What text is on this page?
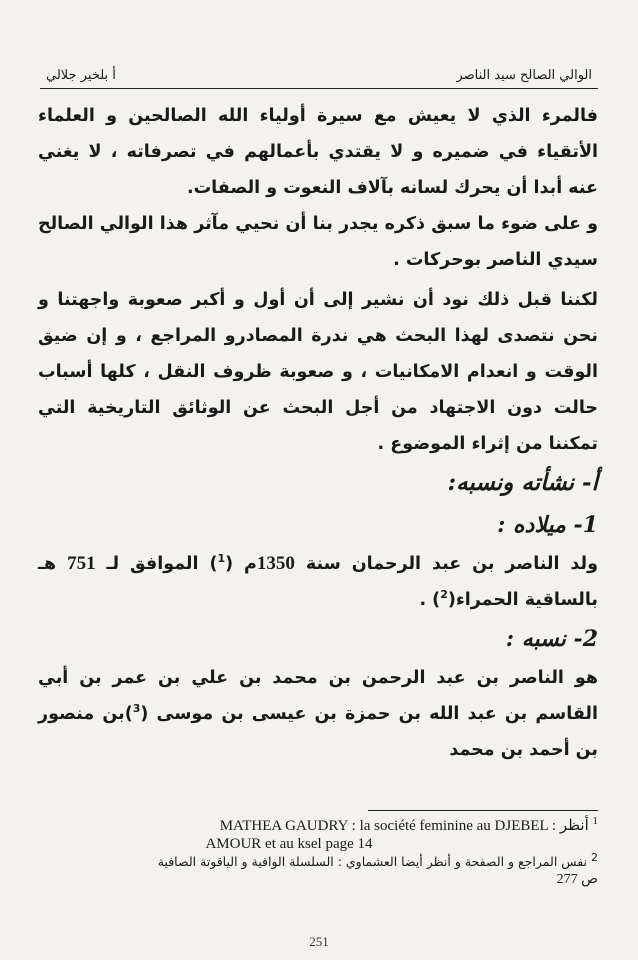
الوالي الصالح سيد الناصر
أ بلخير جلالي

فالمرء الذي لا يعيش مع سيرة أولياء الله الصالحين و العلماء الأتقياء في ضميره و لا يقتدي بأعمالهم في تصرفاته ، لا يغني عنه أبدا أن يحرك لسانه بآلاف النعوت و الصفات.

و على ضوء ما سبق ذكره يجدر بنا أن نحيي مآثر هذا الوالي الصالح سيدي الناصر بوحركات .

لكننا قبل ذلك نود أن نشير إلى أن أول و أكبر صعوبة واجهتنا و نحن نتصدى لهذا البحث هي ندرة المصادرو المراجع ، و إن ضيق الوقت و انعدام الامكانيات ، و صعوبة ظروف النقل ، كلها أسباب حالت دون الاجتهاد من أجل البحث عن الوثائق التاريخية التي تمكننا من إثراء الموضوع .

أ- نشأته ونسبه:
1- ميلاده :

ولد الناصر بن عبد الرحمان سنة 1350م ($^1$) الموافق لـ 751 هـ بالساقية الحمراء($^2$) .

2- نسبه :

هو الناصر بن عبد الرحمن بن محمد بن علي بن عمر بن أبي القاسم بن عبد الله بن حمزة بن عيسى بن موسى ($^3$)بن منصور بن أحمد بن محمد

$^1$ أنظر MATHEA GAUDRY : la société feminine au DJEBEL :
AMOUR et au ksel page 14
$^2$ نفس المراجع و الصفحة و أنظر أيضا العشماوي : السلسلة الوافية و الياقوتة الصافية
ص 277
251
